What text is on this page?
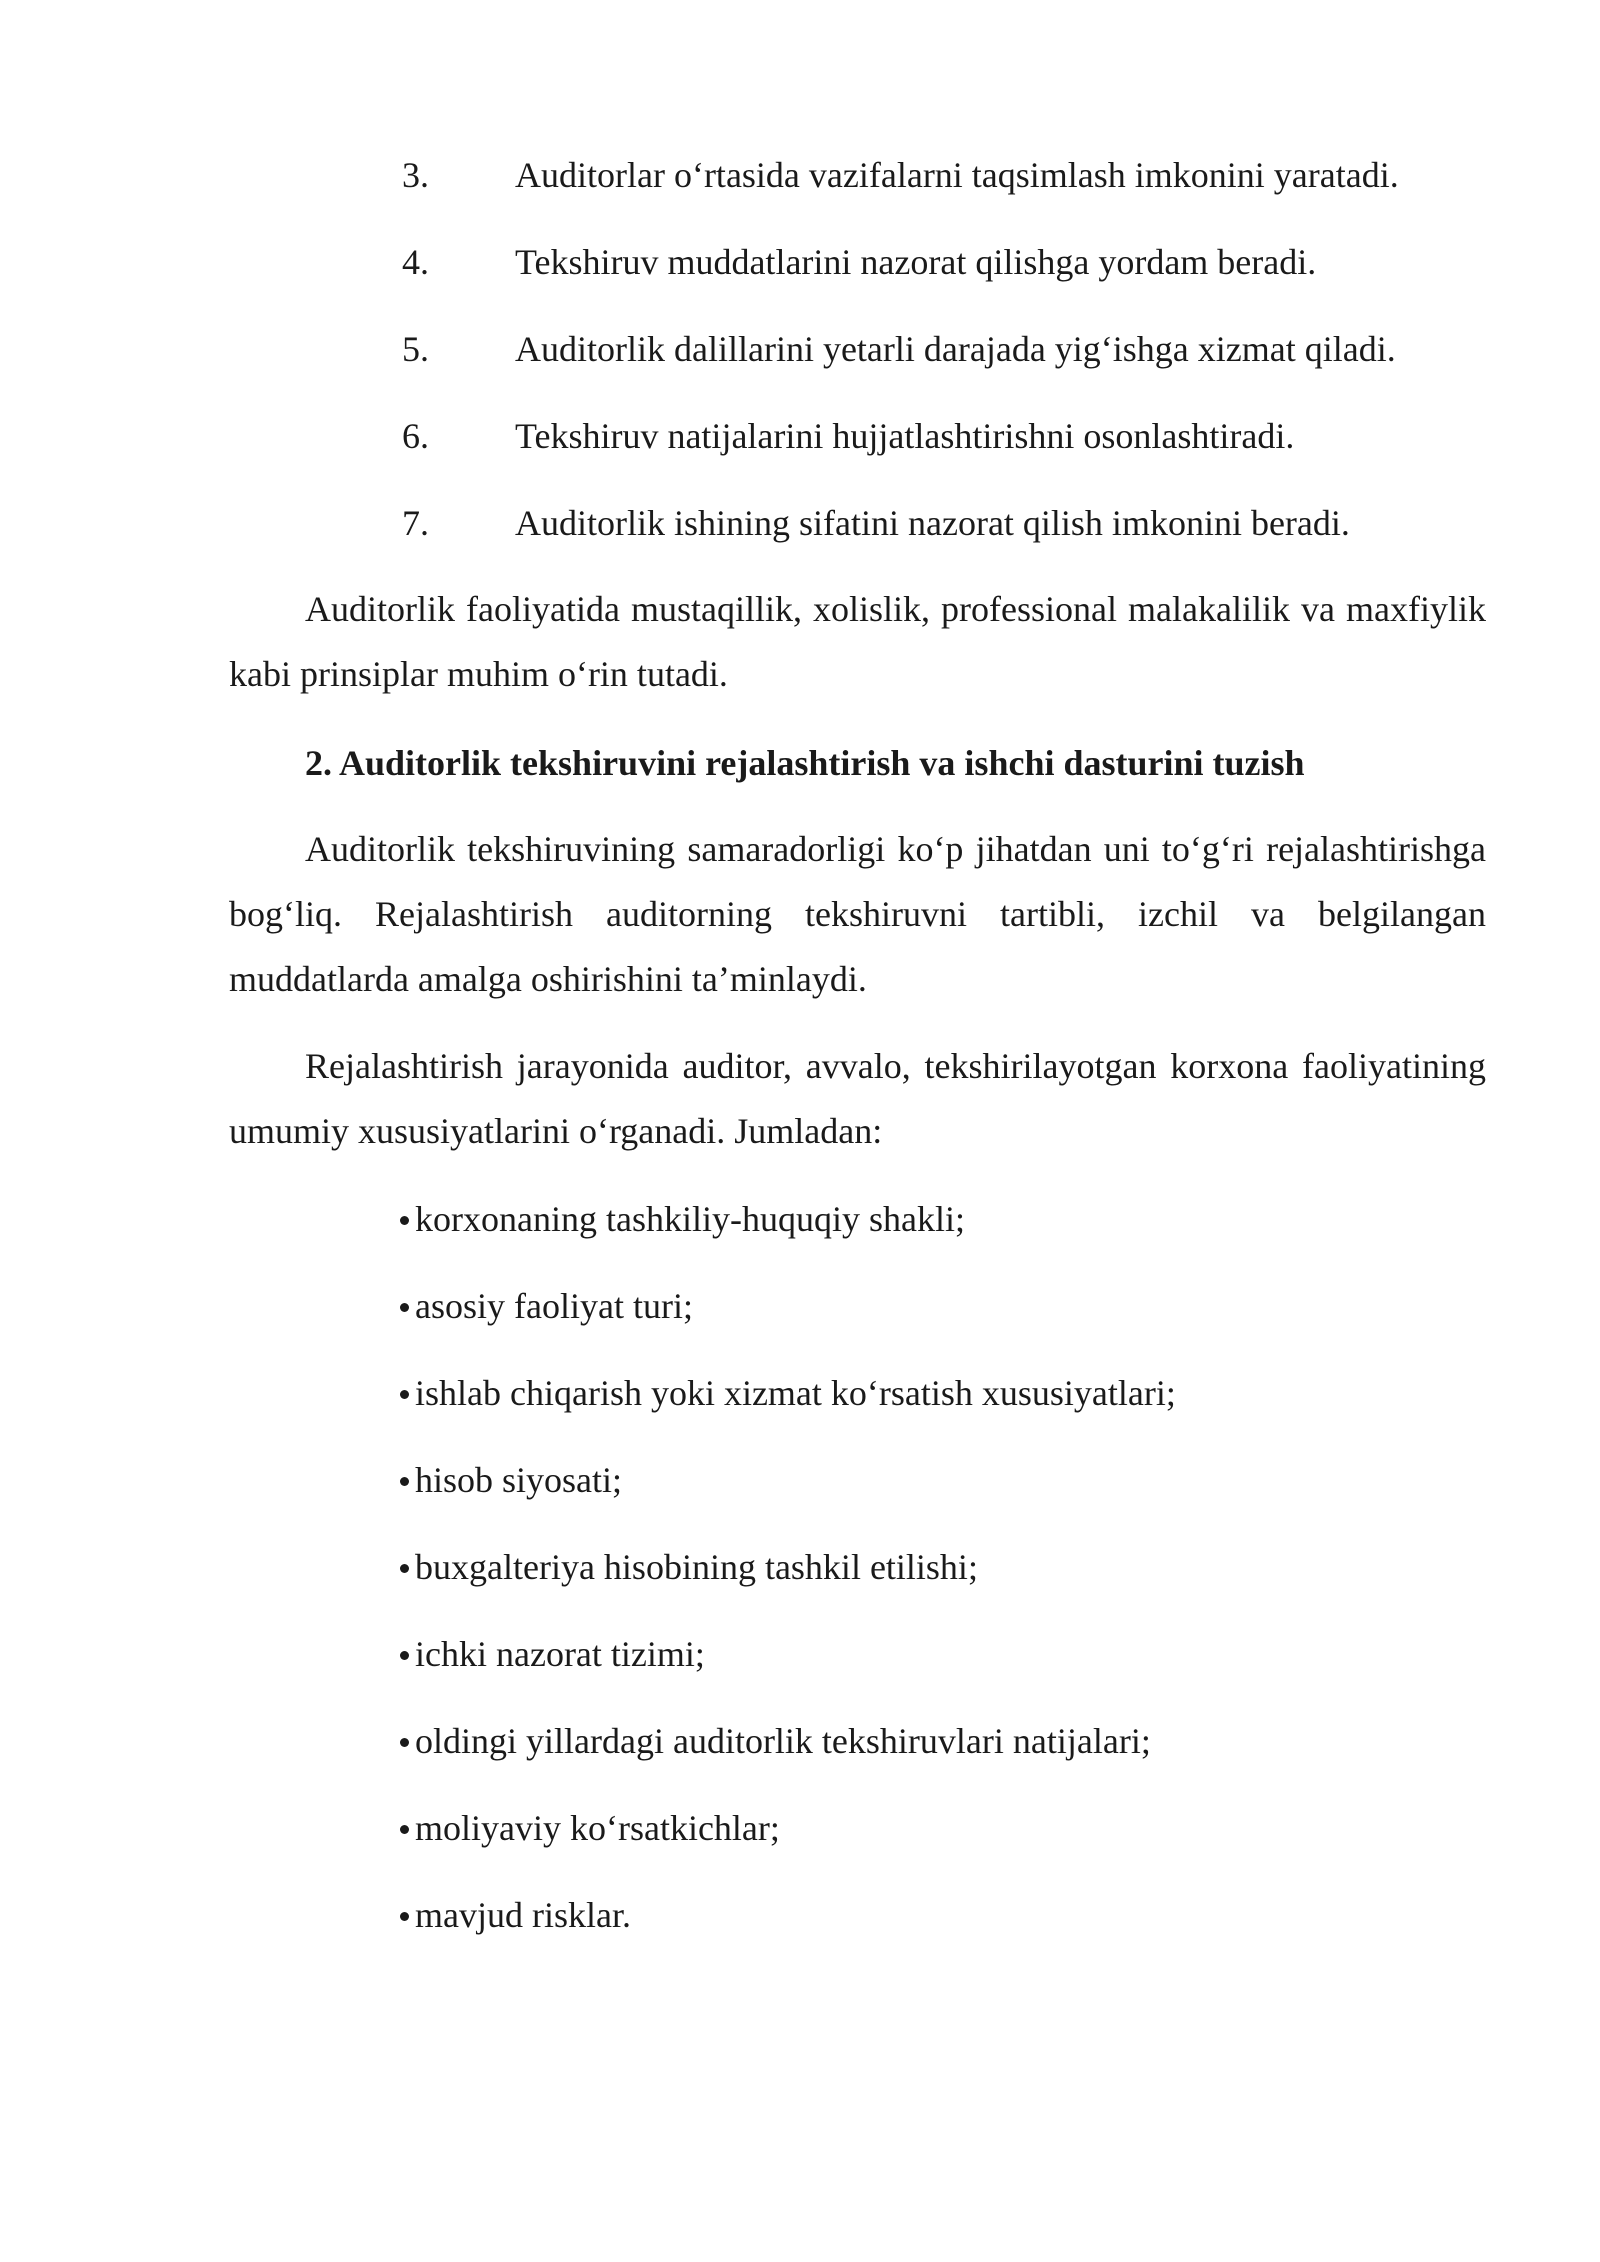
3. Auditorlar o‘rtasida vazifalarni taqsimlash imkonini yaratadi.
4. Tekshiruv muddatlarini nazorat qilishga yordam beradi.
5. Auditorlik dalillarini yetarli darajada yig‘ishga xizmat qiladi.
6. Tekshiruv natijalarini hujjatlashtirishni osonlashtiradi.
7. Auditorlik ishining sifatini nazorat qilish imkonini beradi.

Auditorlik faoliyatida mustaqillik, xolislik, professional malakalilik va maxfiylik kabi prinsiplar muhim o‘rin tutadi.

2. Auditorlik tekshiruvini rejalashtirish va ishchi dasturini tuzish

Auditorlik tekshiruvining samaradorligi ko‘p jihatdan uni to‘g‘ri rejalashtirishga bog‘liq. Rejalashtirish auditorning tekshiruvni tartibli, izchil va belgilangan muddatlarda amalga oshirishini ta’minlaydi.

Rejalashtirish jarayonida auditor, avvalo, tekshirilayotgan korxona faoliyatining umumiy xususiyatlarini o‘rganadi. Jumladan:

korxonaning tashkiliy-huquqiy shakli;
asosiy faoliyat turi;
ishlab chiqarish yoki xizmat ko‘rsatish xususiyatlari;
hisob siyosati;
buxgalteriya hisobining tashkil etilishi;
ichki nazorat tizimi;
oldingi yillardagi auditorlik tekshiruvlari natijalari;
moliyaviy ko‘rsatkichlar;
mavjud risklar.
